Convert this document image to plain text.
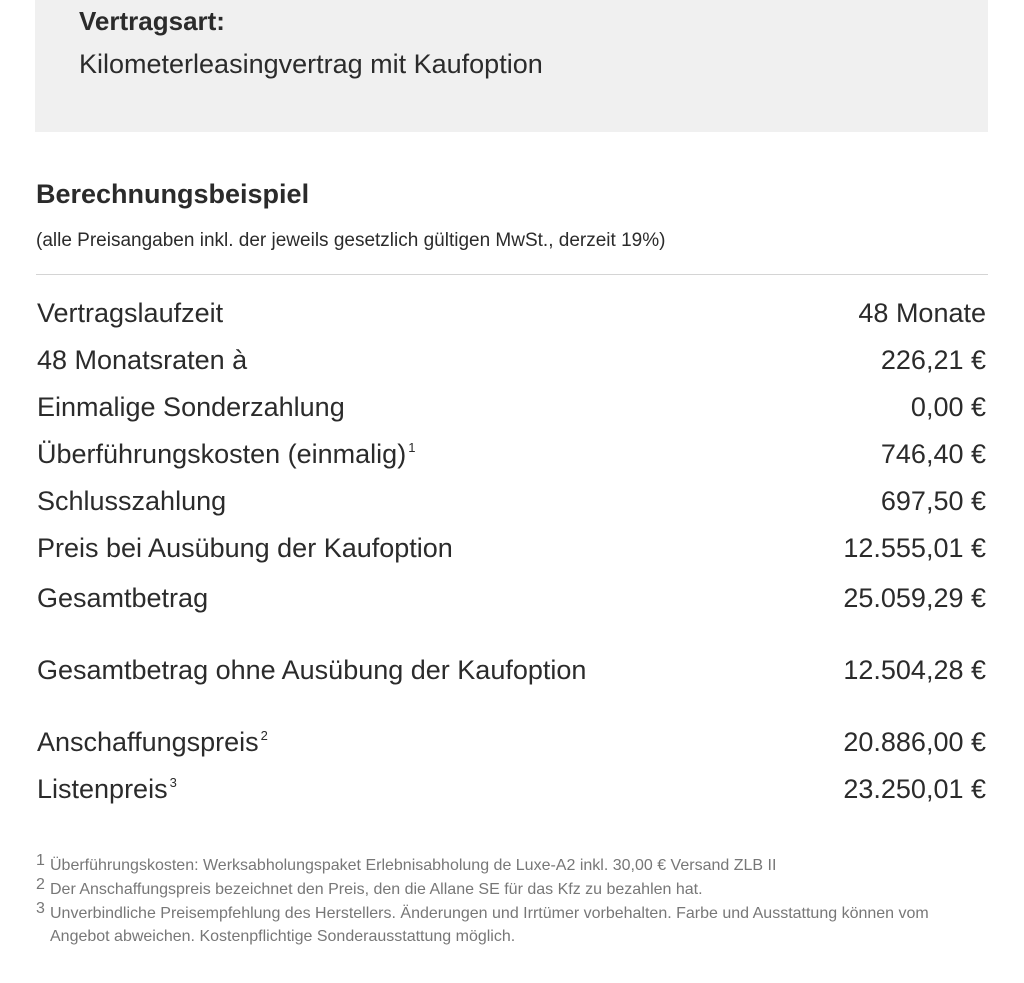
Vertragsart:
Kilometerleasingvertrag mit Kaufoption
Berechnungsbeispiel
(alle Preisangaben inkl. der jeweils gesetzlich gültigen MwSt., derzeit 19%)
Vertragslaufzeit	48 Monate
48 Monatsraten à	226,21 €
Einmalige Sonderzahlung	0,00 €
Überführungskosten (einmalig) $^1$	746,40 €
Schlusszahlung	697,50 €
Preis bei Ausübung der Kaufoption	12.555,01 €
Gesamtbetrag	25.059,29 €
Gesamtbetrag ohne Ausübung der Kaufoption	12.504,28 €
Anschaffungspreis $^2$	20.886,00 €
Listenpreis $^3$	23.250,01 €
1 Überführungskosten: Werksabholungspaket Erlebnisabholung de Luxe-A2 inkl. 30,00 € Versand ZLB II
2 Der Anschaffungspreis bezeichnet den Preis, den die Allane SE für das Kfz zu bezahlen hat.
3 Unverbindliche Preisempfehlung des Herstellers. Änderungen und Irrtümer vorbehalten. Farbe und Ausstattung können vom Angebot abweichen. Kostenpflichtige Sonderausstattung möglich.
